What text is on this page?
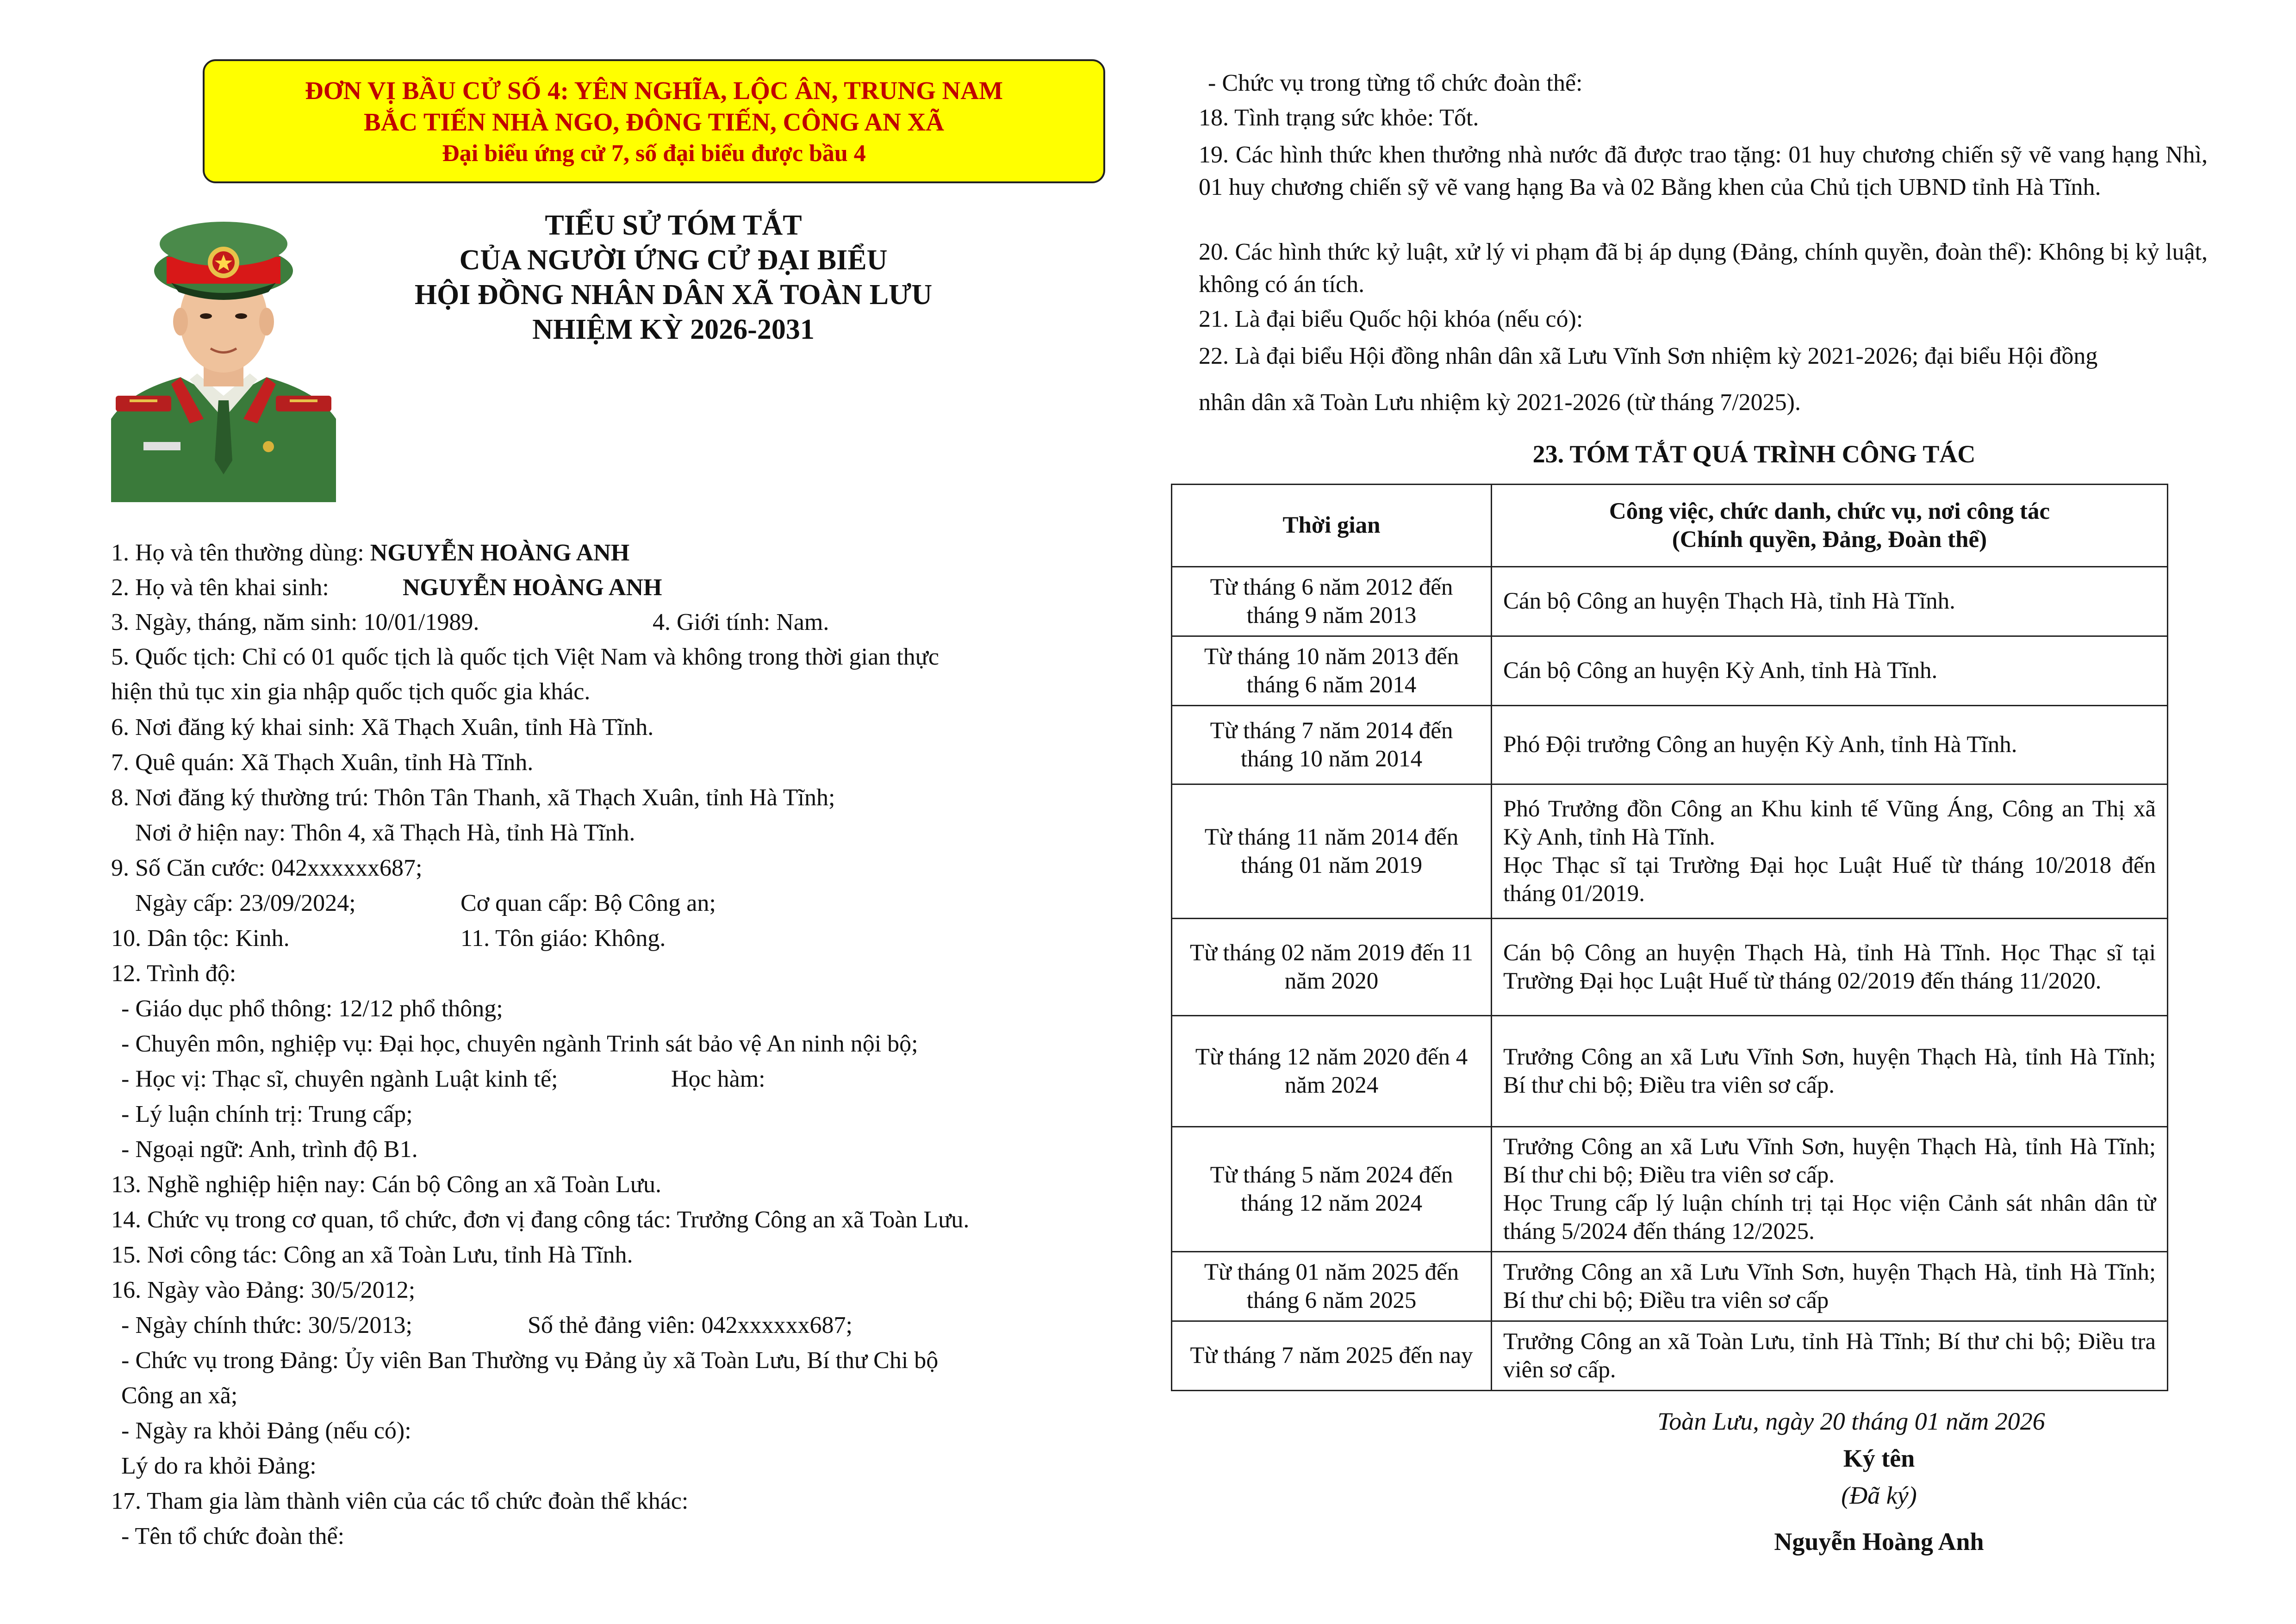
ĐƠN VỊ BẦU CỬ SỐ 4: YÊN NGHĨA, LỘC ÂN, TRUNG NAM
BẮC TIẾN NHÀ NGO, ĐÔNG TIẾN, CÔNG AN XÃ
Đại biểu ứng cử 7, số đại biểu được bầu 4
TIỂU SỬ TÓM TẮT
CỦA NGƯỜI ỨNG CỬ ĐẠI BIỂU
HỘI ĐỒNG NHÂN DÂN XÃ TOÀN LƯU
NHIỆM KỲ 2026-2031
1. Họ và tên thường dùng: NGUYỄN HOÀNG ANH
2. Họ và tên khai sinh:	NGUYỄN HOÀNG ANH
3. Ngày, tháng, năm sinh: 10/01/1989.	4. Giới tính: Nam.
5. Quốc tịch: Chỉ có 01 quốc tịch là quốc tịch Việt Nam và không trong thời gian thực
hiện thủ tục xin gia nhập quốc tịch quốc gia khác.
6. Nơi đăng ký khai sinh: Xã Thạch Xuân, tỉnh Hà Tĩnh.
7. Quê quán: Xã Thạch Xuân, tỉnh Hà Tĩnh.
8. Nơi đăng ký thường trú: Thôn Tân Thanh, xã Thạch Xuân, tỉnh Hà Tĩnh;
Nơi ở hiện nay: Thôn 4, xã Thạch Hà, tỉnh Hà Tĩnh.
9. Số Căn cước: 042xxxxxx687;
Ngày cấp: 23/09/2024;	Cơ quan cấp: Bộ Công an;
10. Dân tộc: Kinh.	11. Tôn giáo: Không.
12. Trình độ:
- Giáo dục phổ thông: 12/12 phổ thông;
- Chuyên môn, nghiệp vụ: Đại học, chuyên ngành Trinh sát bảo vệ An ninh nội bộ;
- Học vị: Thạc sĩ, chuyên ngành Luật kinh tế;	Học hàm:
- Lý luận chính trị: Trung cấp;
- Ngoại ngữ: Anh, trình độ B1.
13. Nghề nghiệp hiện nay: Cán bộ Công an xã Toàn Lưu.
14. Chức vụ trong cơ quan, tổ chức, đơn vị đang công tác: Trưởng Công an xã Toàn Lưu.
15. Nơi công tác: Công an xã Toàn Lưu, tỉnh Hà Tĩnh.
16. Ngày vào Đảng: 30/5/2012;
- Ngày chính thức: 30/5/2013;	Số thẻ đảng viên: 042xxxxxx687;
- Chức vụ trong Đảng: Ủy viên Ban Thường vụ Đảng ủy xã Toàn Lưu, Bí thư Chi bộ
Công an xã;
- Ngày ra khỏi Đảng (nếu có):
Lý do ra khỏi Đảng:
17. Tham gia làm thành viên của các tổ chức đoàn thể khác:
- Tên tổ chức đoàn thể:
- Chức vụ trong từng tổ chức đoàn thể:
18. Tình trạng sức khỏe: Tốt.
19. Các hình thức khen thưởng nhà nước đã được trao tặng: 01 huy chương chiến sỹ vẽ vang hạng Nhì, 01 huy chương chiến sỹ vẽ vang hạng Ba và 02 Bằng khen của Chủ tịch UBND tỉnh Hà Tĩnh.
20. Các hình thức kỷ luật, xử lý vi phạm đã bị áp dụng (Đảng, chính quyền, đoàn thể): Không bị kỷ luật, không có án tích.
21. Là đại biểu Quốc hội khóa (nếu có):
22. Là đại biểu Hội đồng nhân dân xã Lưu Vĩnh Sơn nhiệm kỳ 2021-2026; đại biểu Hội đồng
nhân dân xã Toàn Lưu nhiệm kỳ 2021-2026 (từ tháng 7/2025).
23. TÓM TẮT QUÁ TRÌNH CÔNG TÁC
Thời gian	Công việc, chức danh, chức vụ, nơi công tác
(Chính quyền, Đảng, Đoàn thể)

Từ tháng 6 năm 2012 đến tháng 9 năm 2013	Cán bộ Công an huyện Thạch Hà, tỉnh Hà Tĩnh.
Từ tháng 10 năm 2013 đến tháng 6 năm 2014	Cán bộ Công an huyện Kỳ Anh, tỉnh Hà Tĩnh.
Từ tháng 7 năm 2014 đến tháng 10 năm 2014	Phó Đội trưởng Công an huyện Kỳ Anh, tỉnh Hà Tĩnh.
Từ tháng 11 năm 2014 đến tháng 01 năm 2019	Phó Trưởng đồn Công an Khu kinh tế Vũng Áng, Công an Thị xã Kỳ Anh, tỉnh Hà Tĩnh.
Học Thạc sĩ tại Trường Đại học Luật Huế từ tháng 10/2018 đến tháng 01/2019.

Từ tháng 02 năm 2019 đến 11 năm 2020	Cán bộ Công an huyện Thạch Hà, tỉnh Hà Tĩnh. Học Thạc sĩ tại Trường Đại học Luật Huế từ tháng 02/2019 đến tháng 11/2020.
Từ tháng 12 năm 2020 đến 4 năm 2024	Trưởng Công an xã Lưu Vĩnh Sơn, huyện Thạch Hà, tỉnh Hà Tĩnh; Bí thư chi bộ; Điều tra viên sơ cấp.
Từ tháng 5 năm 2024 đến tháng 12 năm 2024	Trưởng Công an xã Lưu Vĩnh Sơn, huyện Thạch Hà, tỉnh Hà Tĩnh; Bí thư chi bộ; Điều tra viên sơ cấp.
Học Trung cấp lý luận chính trị tại Học viện Cảnh sát nhân dân từ tháng 5/2024 đến tháng 12/2025.

Từ tháng 01 năm 2025 đến tháng 6 năm 2025	Trưởng Công an xã Lưu Vĩnh Sơn, huyện Thạch Hà, tỉnh Hà Tĩnh; Bí thư chi bộ; Điều tra viên sơ cấp
Từ tháng 7 năm 2025 đến nay	Trưởng Công an xã Toàn Lưu, tỉnh Hà Tĩnh; Bí thư chi bộ; Điều tra viên sơ cấp.
Toàn Lưu, ngày 20 tháng 01 năm 2026
Ký tên
(Đã ký)
Nguyễn Hoàng Anh
